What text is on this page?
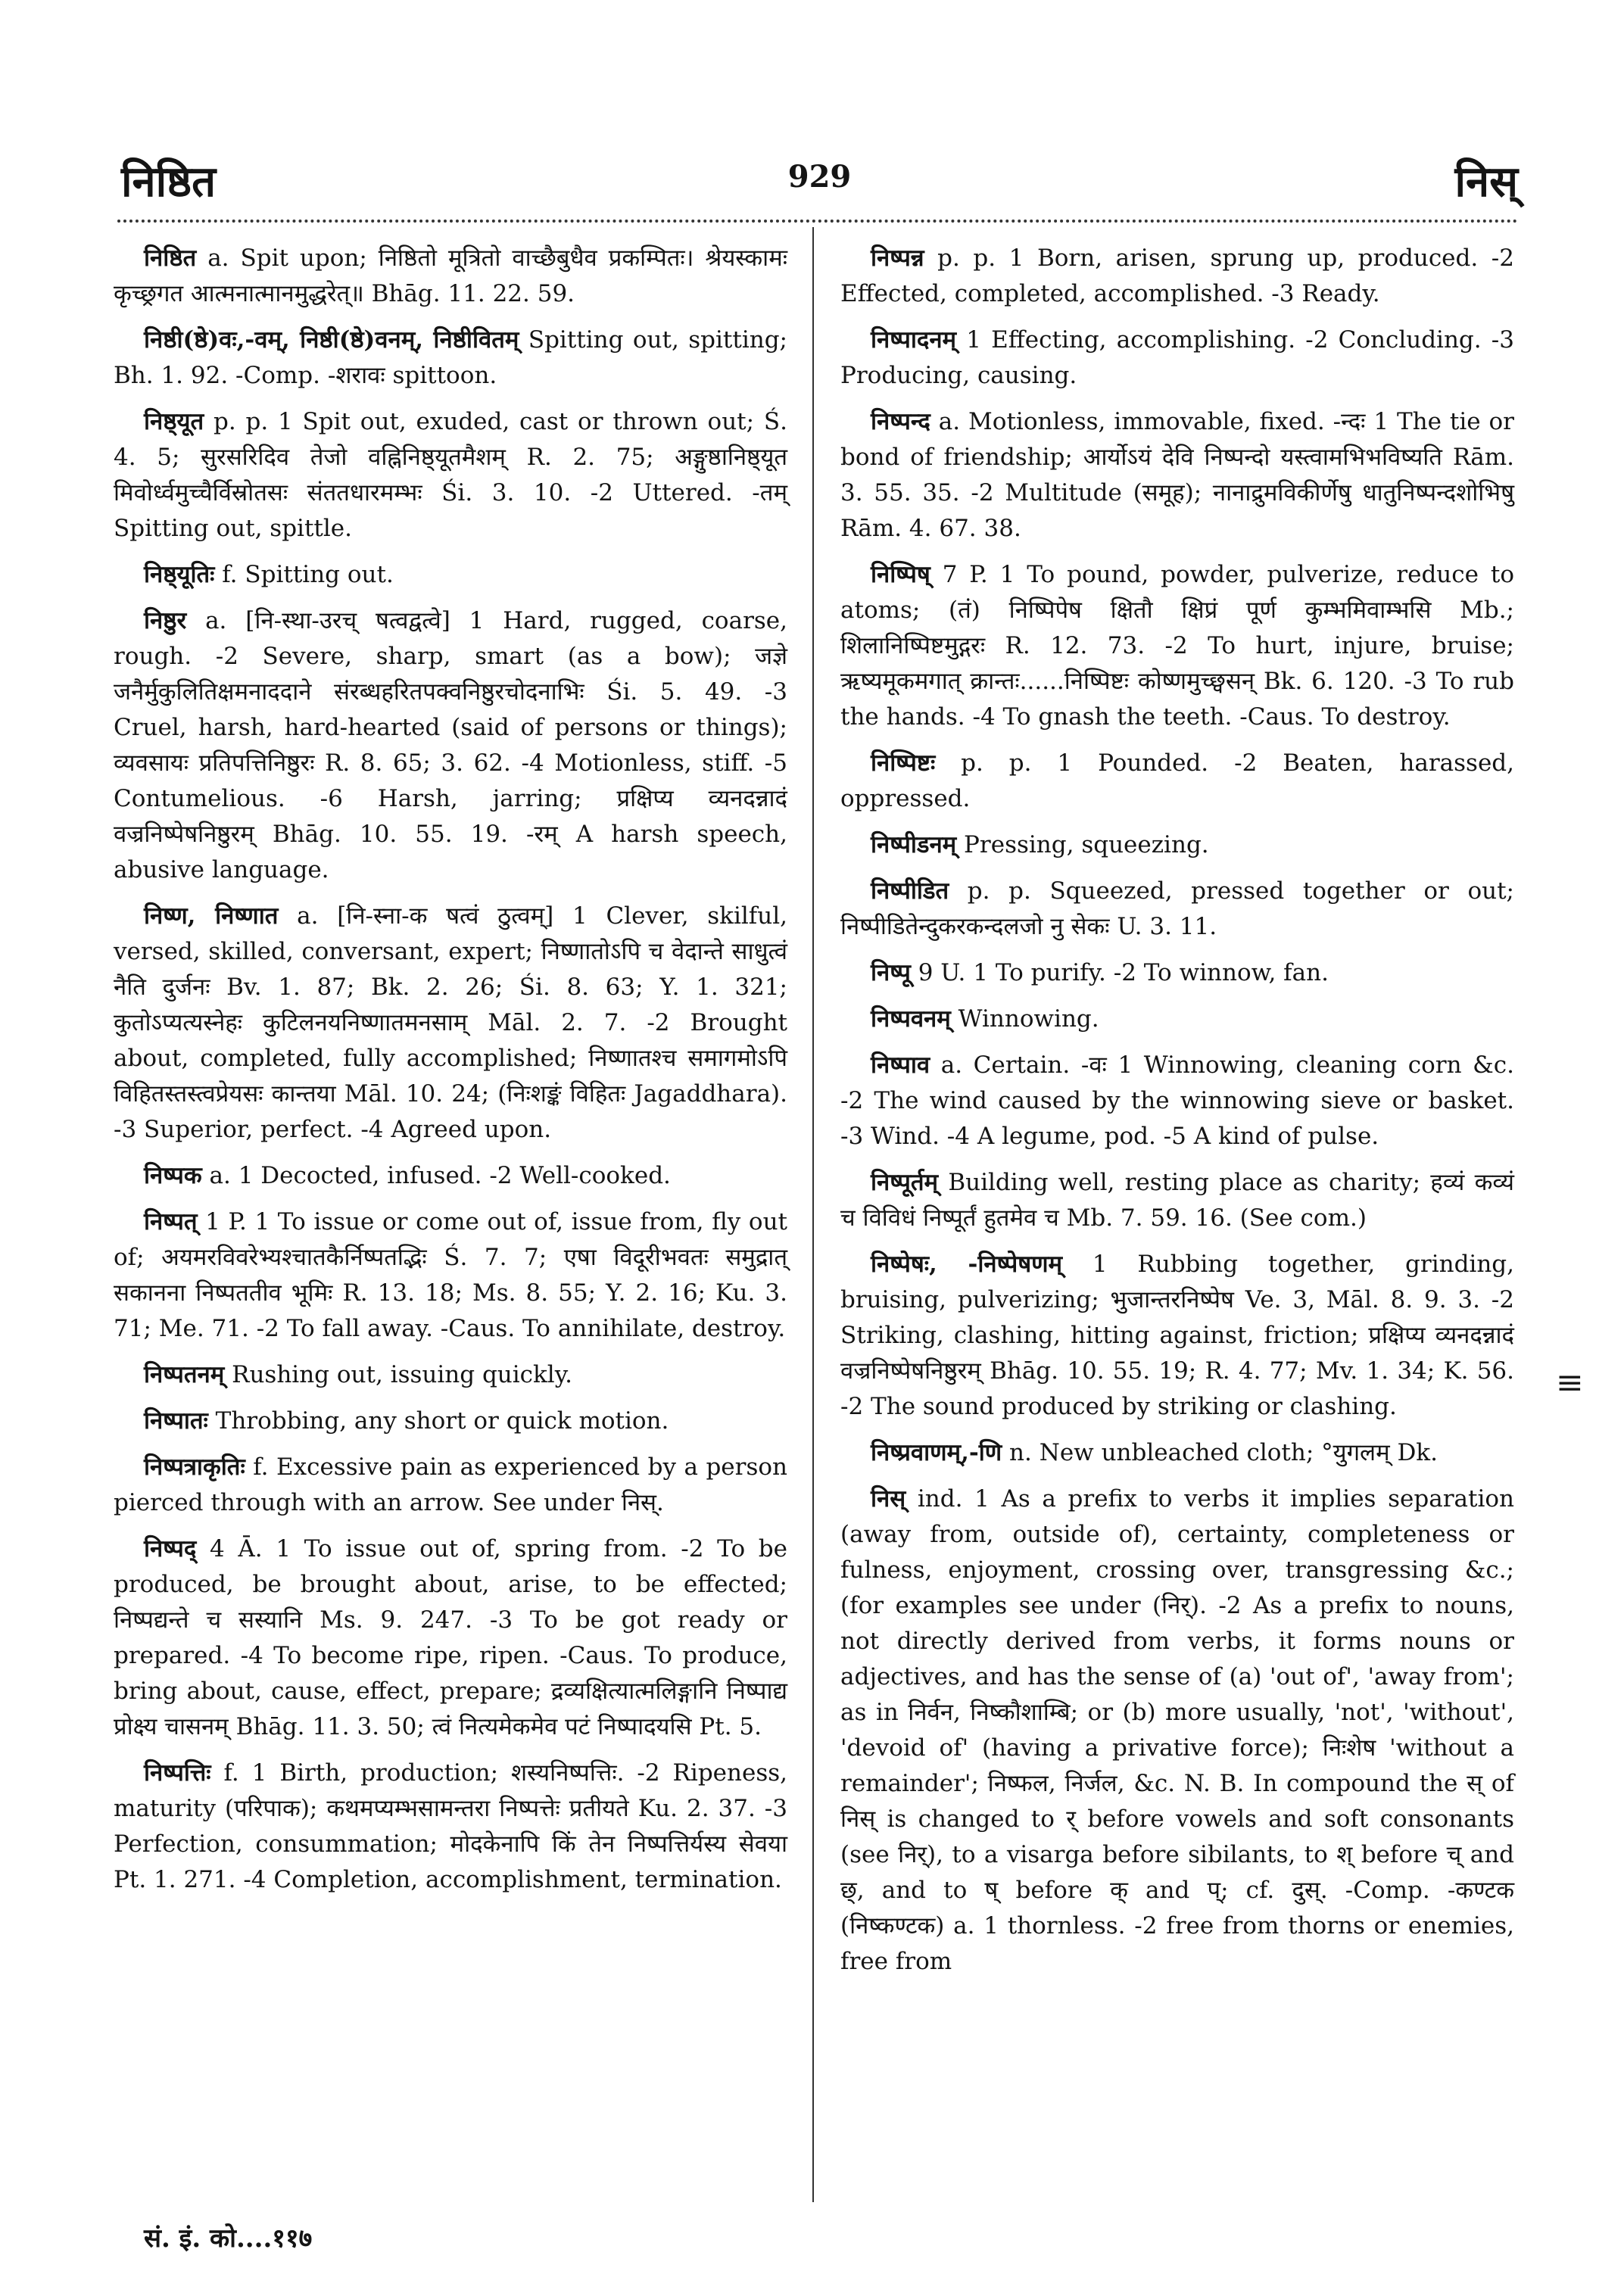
निष्ठित	929	निस्

निष्ठित a. Spit upon; निष्ठितो मूत्रितो वाच्छैबुधैव प्रकम्पितः। श्रेयस्कामः कृच्छ्रगत आत्मनात्मानमुद्धरेत्॥ Bhāg. 11. 22. 59.

निष्ठी(ष्ठे)वः,-वम्, निष्ठी(ष्ठे)वनम्, निष्ठीवितम् Spitting out, spitting; Bh. 1. 92. -Comp. -शरावः spittoon.

निष्ठ्यूत p. p. 1 Spit out, exuded, cast or thrown out; Ś. 4. 5; सुरसरिदिव तेजो वह्निनिष्ठ्यूतमैशम् R. 2. 75; अङ्गुष्ठानिष्ठ्यूत मिवोर्ध्वमुच्चैर्विस्रोतसः संततधारमम्भः Śi. 3. 10. -2 Uttered. -तम् Spitting out, spittle.

निष्ठ्यूतिः f. Spitting out.

निष्ठुर a. [नि-स्था-उरच् षत्वद्वत्वे] 1 Hard, rugged, coarse, rough. -2 Severe, sharp, smart (as a bow); जज्ञे जनैर्मुकुलितिक्षमनाददाने संरब्धहरितपक्वनिष्ठुरचोदनाभिः Śi. 5. 49. -3 Cruel, harsh, hard-hearted (said of persons or things); व्यवसायः प्रतिपत्तिनिष्ठुरः R. 8. 65; 3. 62. -4 Motionless, stiff. -5 Contumelious. -6 Harsh, jarring; प्रक्षिप्य व्यनदन्नादं वज्रनिष्पेषनिष्ठुरम् Bhāg. 10. 55. 19. -रम् A harsh speech, abusive language.

निष्ण, निष्णात a. [नि-स्ना-क षत्वं ठुत्वम्] 1 Clever, skilful, versed, skilled, conversant, expert; निष्णातोऽपि च वेदान्ते साधुत्वं नैति दुर्जनः Bv. 1. 87; Bk. 2. 26; Śi. 8. 63; Y. 1. 321; कुतोऽप्यत्यस्नेहः कुटिलनयनिष्णातमनसाम् Māl. 2. 7. -2 Brought about, completed, fully accomplished; निष्णातश्च समागमोऽपि विहितस्तस्त्वप्रेयसः कान्तया Māl. 10. 24; (निःशङ्कं विहितः Jagaddhara). -3 Superior, perfect. -4 Agreed upon.

निष्पक a. 1 Decocted, infused. -2 Well-cooked.

निष्पत् 1 P. 1 To issue or come out of, issue from, fly out of; अयमरविवरेभ्यश्चातकैर्निष्पतद्भिः Ś. 7. 7; एषा विदूरीभवतः समुद्रात् सकानना निष्पततीव भूमिः R. 13. 18; Ms. 8. 55; Y. 2. 16; Ku. 3. 71; Me. 71. -2 To fall away. -Caus. To annihilate, destroy.

निष्पतनम् Rushing out, issuing quickly.

निष्पातः Throbbing, any short or quick motion.

निष्पत्राकृतिः f. Excessive pain as experienced by a person pierced through with an arrow. See under निस्.

निष्पद् 4 Ā. 1 To issue out of, spring from. -2 To be produced, be brought about, arise, to be effected; निष्पद्यन्ते च सस्यानि Ms. 9. 247. -3 To be got ready or prepared. -4 To become ripe, ripen. -Caus. To produce, bring about, cause, effect, prepare; द्रव्यक्षित्यात्मलिङ्गानि निष्पाद्य प्रोक्ष्य चासनम् Bhāg. 11. 3. 50; त्वं नित्यमेकमेव पटं निष्पादयसि Pt. 5.

निष्पत्तिः f. 1 Birth, production; शस्यनिष्पत्तिः. -2 Ripeness, maturity (परिपाक); कथमप्यम्भसामन्तरा निष्पत्तेः प्रतीयते Ku. 2. 37. -3 Perfection, consummation; मोदकेनापि किं तेन निष्पत्तिर्यस्य सेवया Pt. 1. 271. -4 Completion, accomplishment, termination.

निष्पन्न p. p. 1 Born, arisen, sprung up, produced. -2 Effected, completed, accomplished. -3 Ready.

निष्पादनम् 1 Effecting, accomplishing. -2 Concluding. -3 Producing, causing.

निष्पन्द a. Motionless, immovable, fixed. -न्दः 1 The tie or bond of friendship; आर्योऽयं देवि निष्पन्दो यस्त्वामभिभविष्यति Rām. 3. 55. 35. -2 Multitude (समूह); नानाद्रुमविकीर्णेषु धातुनिष्पन्दशोभिषु Rām. 4. 67. 38.

निष्पिष् 7 P. 1 To pound, powder, pulverize, reduce to atoms; (तं) निष्पिपेष क्षितौ क्षिप्रं पूर्ण कुम्भमिवाम्भसि Mb.; शिलानिष्पिष्टमुद्गरः R. 12. 73. -2 To hurt, injure, bruise; ऋष्यमूकमगात् क्रान्तः......निष्पिष्टः कोष्णमुच्छ्वसन् Bk. 6. 120. -3 To rub the hands. -4 To gnash the teeth. -Caus. To destroy.

निष्पिष्टः p. p. 1 Pounded. -2 Beaten, harassed, oppressed.

निष्पीडनम् Pressing, squeezing.

निष्पीडित p. p. Squeezed, pressed together or out; निष्पीडितेन्दुकरकन्दलजो नु सेकः U. 3. 11.

निष्पू 9 U. 1 To purify. -2 To winnow, fan.

निष्पवनम् Winnowing.

निष्पाव a. Certain. -वः 1 Winnowing, cleaning corn &c. -2 The wind caused by the winnowing sieve or basket. -3 Wind. -4 A legume, pod. -5 A kind of pulse.

निष्पूर्तम् Building well, resting place as charity; हव्यं कव्यं च विविधं निष्पूर्तं हुतमेव च Mb. 7. 59. 16. (See com.)

निष्पेषः, -निष्पेषणम् 1 Rubbing together, grinding, bruising, pulverizing; भुजान्तरनिष्पेष Ve. 3, Māl. 8. 9. 3. -2 Striking, clashing, hitting against, friction; प्रक्षिप्य व्यनदन्नादं वज्रनिष्पेषनिष्ठुरम् Bhāg. 10. 55. 19; R. 4. 77; Mv. 1. 34; K. 56. -2 The sound produced by striking or clashing.

निष्प्रवाणम्,-णि n. New unbleached cloth; °युगलम् Dk.

निस् ind. 1 As a prefix to verbs it implies separation (away from, outside of), certainty, completeness or fulness, enjoyment, crossing over, transgressing &c.; (for examples see under (निर्). -2 As a prefix to nouns, not directly derived from verbs, it forms nouns or adjectives, and has the sense of (a) 'out of', 'away from'; as in निर्वन, निष्कौशाम्बि; or (b) more usually, 'not', 'without', 'devoid of' (having a privative force); निःशेष 'without a remainder'; निष्फल, निर्जल, &c. N. B. In compound the स् of निस् is changed to र् before vowels and soft consonants (see निर्), to a visarga before sibilants, to श् before च् and छ्, and to ष् before क् and प्; cf. दुस्. -Comp. -कण्टक (निष्कण्टक) a. 1 thornless. -2 free from thorns or enemies, free from

सं. इं. को....११७
≡
